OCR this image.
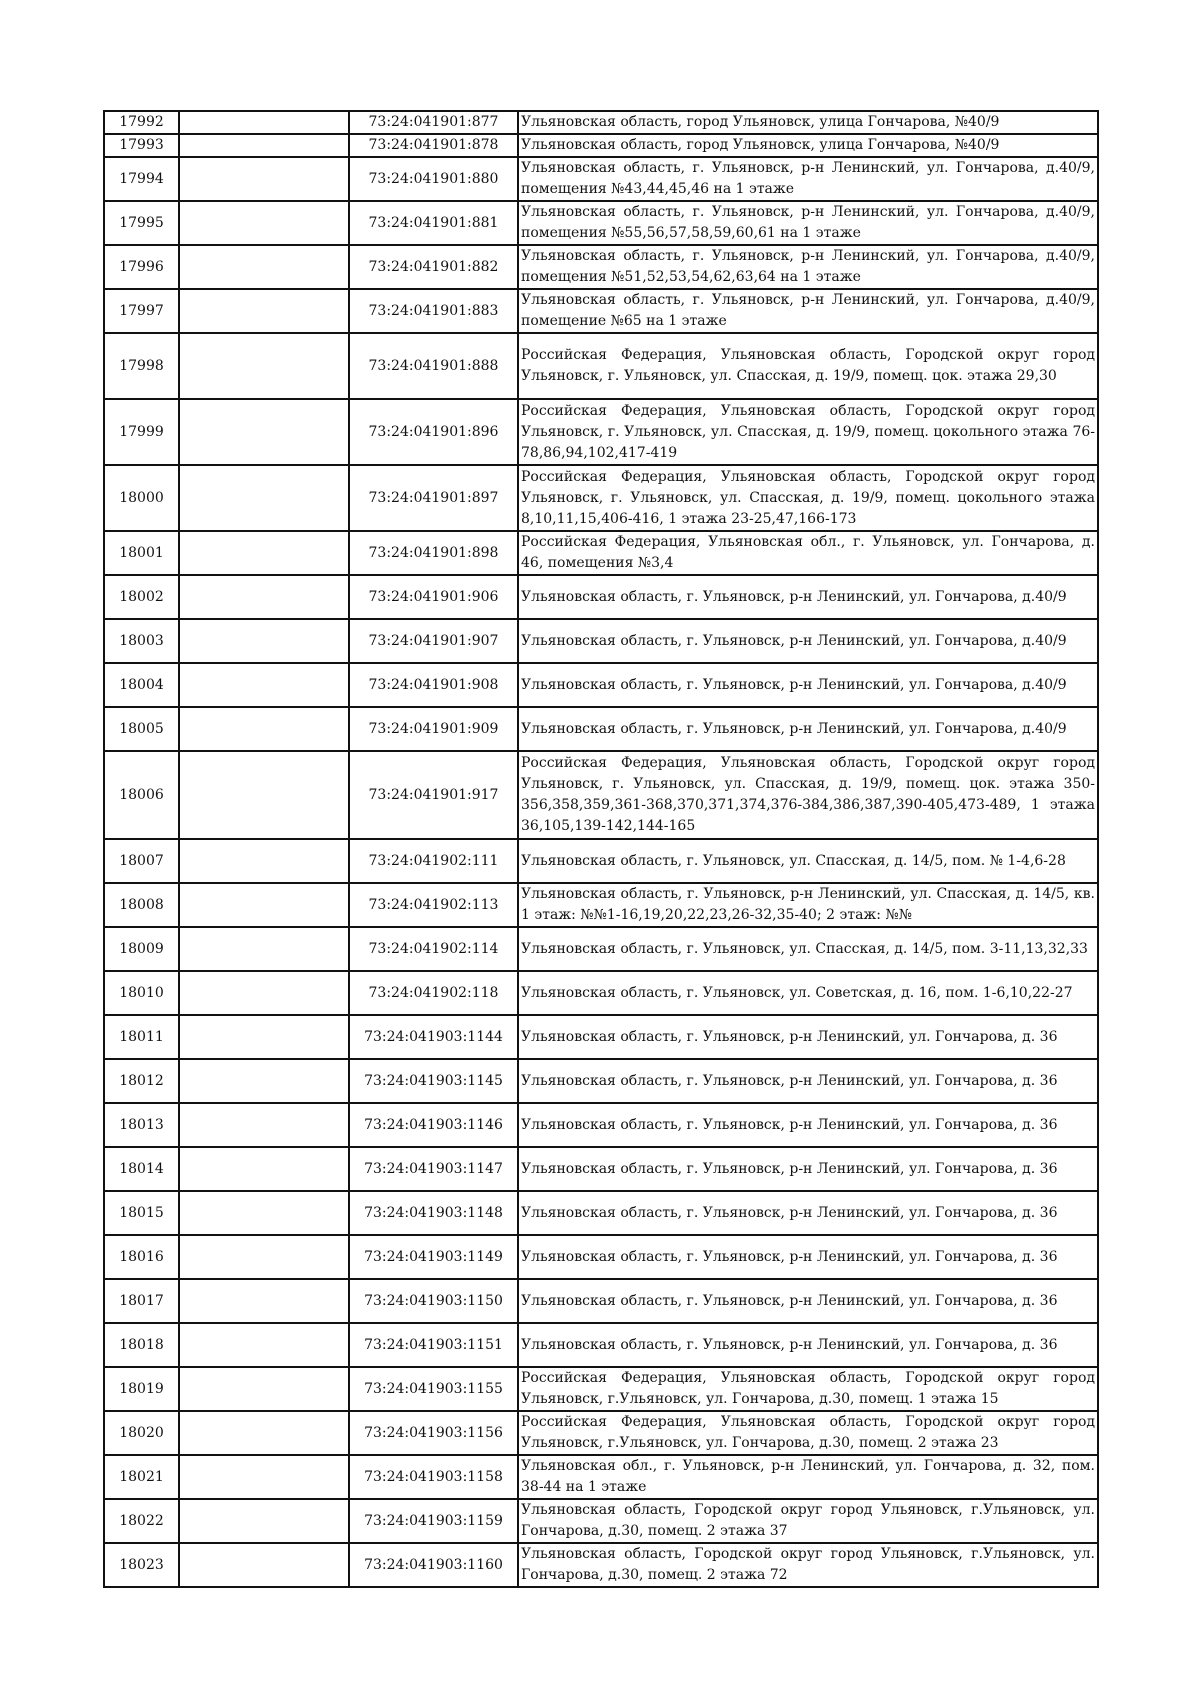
17992		73:24:041901:877	Ульяновская область, город Ульяновск, улица Гончарова, №40/9
17993		73:24:041901:878	Ульяновская область, город Ульяновск, улица Гончарова, №40/9
17994		73:24:041901:880	Ульяновская область, г. Ульяновск, р-н Ленинский, ул. Гончарова, д.40/9, помещения №43,44,45,46 на 1 этаже
17995		73:24:041901:881	Ульяновская область, г. Ульяновск, р-н Ленинский, ул. Гончарова, д.40/9, помещения №55,56,57,58,59,60,61 на 1 этаже
17996		73:24:041901:882	Ульяновская область, г. Ульяновск, р-н Ленинский, ул. Гончарова, д.40/9, помещения №51,52,53,54,62,63,64 на 1 этаже
17997		73:24:041901:883	Ульяновская область, г. Ульяновск, р-н Ленинский, ул. Гончарова, д.40/9, помещение №65 на 1 этаже
17998		73:24:041901:888	Российская Федерация, Ульяновская область, Городской округ город Ульяновск, г. Ульяновск, ул. Спасская, д. 19/9, помещ. цок. этажа 29,30
17999		73:24:041901:896	Российская Федерация, Ульяновская область, Городской округ город Ульяновск, г. Ульяновск, ул. Спасская, д. 19/9, помещ. цокольного этажа 76-78,86,94,102,417-419
18000		73:24:041901:897	Российская Федерация, Ульяновская область, Городской округ город Ульяновск, г. Ульяновск, ул. Спасская, д. 19/9, помещ. цокольного этажа 8,10,11,15,406-416, 1 этажа 23-25,47,166-173
18001		73:24:041901:898	Российская Федерация, Ульяновская обл., г. Ульяновск, ул. Гончарова, д. 46, помещения №3,4
18002		73:24:041901:906	Ульяновская область, г. Ульяновск, р-н Ленинский, ул. Гончарова, д.40/9
18003		73:24:041901:907	Ульяновская область, г. Ульяновск, р-н Ленинский, ул. Гончарова, д.40/9
18004		73:24:041901:908	Ульяновская область, г. Ульяновск, р-н Ленинский, ул. Гончарова, д.40/9
18005		73:24:041901:909	Ульяновская область, г. Ульяновск, р-н Ленинский, ул. Гончарова, д.40/9
18006		73:24:041901:917	Российская Федерация, Ульяновская область, Городской округ город Ульяновск, г. Ульяновск, ул. Спасская, д. 19/9, помещ. цок. этажа 350-356,358,359,361-368,370,371,374,376-384,386,387,390-405,473-489, 1 этажа 36,105,139-142,144-165
18007		73:24:041902:111	Ульяновская область, г. Ульяновск, ул. Спасская, д. 14/5, пом. № 1-4,6-28
18008		73:24:041902:113	Ульяновская область, г. Ульяновск, р-н Ленинский, ул. Спасская, д. 14/5, кв. 1 этаж: №№1-16,19,20,22,23,26-32,35-40; 2 этаж: №№
18009		73:24:041902:114	Ульяновская область, г. Ульяновск, ул. Спасская, д. 14/5, пом. 3-11,13,32,33
18010		73:24:041902:118	Ульяновская область, г. Ульяновск, ул. Советская, д. 16, пом. 1-6,10,22-27
18011		73:24:041903:1144	Ульяновская область, г. Ульяновск, р-н Ленинский, ул. Гончарова, д. 36
18012		73:24:041903:1145	Ульяновская область, г. Ульяновск, р-н Ленинский, ул. Гончарова, д. 36
18013		73:24:041903:1146	Ульяновская область, г. Ульяновск, р-н Ленинский, ул. Гончарова, д. 36
18014		73:24:041903:1147	Ульяновская область, г. Ульяновск, р-н Ленинский, ул. Гончарова, д. 36
18015		73:24:041903:1148	Ульяновская область, г. Ульяновск, р-н Ленинский, ул. Гончарова, д. 36
18016		73:24:041903:1149	Ульяновская область, г. Ульяновск, р-н Ленинский, ул. Гончарова, д. 36
18017		73:24:041903:1150	Ульяновская область, г. Ульяновск, р-н Ленинский, ул. Гончарова, д. 36
18018		73:24:041903:1151	Ульяновская область, г. Ульяновск, р-н Ленинский, ул. Гончарова, д. 36
18019		73:24:041903:1155	Российская Федерация, Ульяновская область, Городской округ город Ульяновск, г.Ульяновск, ул. Гончарова, д.30, помещ. 1 этажа 15
18020		73:24:041903:1156	Российская Федерация, Ульяновская область, Городской округ город Ульяновск, г.Ульяновск, ул. Гончарова, д.30, помещ. 2 этажа 23
18021		73:24:041903:1158	Ульяновская обл., г. Ульяновск, р-н Ленинский, ул. Гончарова, д. 32, пом. 38-44 на 1 этаже
18022		73:24:041903:1159	Ульяновская область, Городской округ город Ульяновск, г.Ульяновск, ул. Гончарова, д.30, помещ. 2 этажа 37
18023		73:24:041903:1160	Ульяновская область, Городской округ город Ульяновск, г.Ульяновск, ул. Гончарова, д.30, помещ. 2 этажа 72
